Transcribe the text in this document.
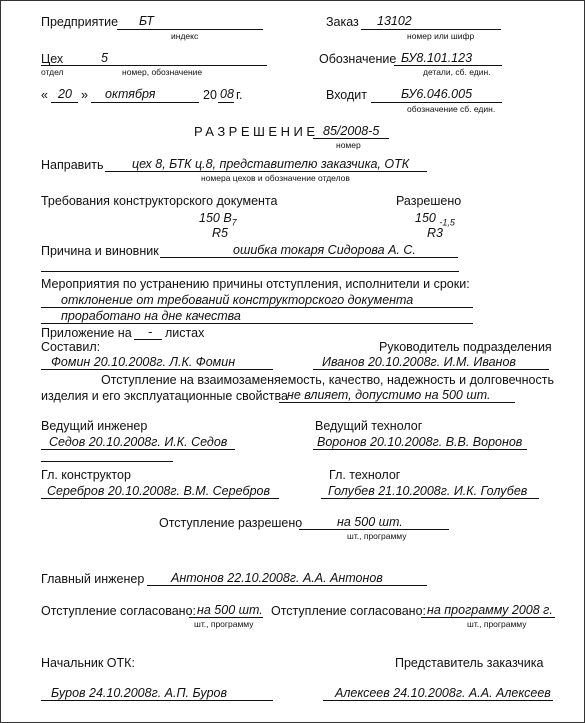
Предприятие БТ
индекс
Заказ 13102
номер или шифр
Цех	5
отдел	номер, обозначение
Обозначение БУ8.101.123
детали, сб. един.
« 20 » октября	20 08 г.	Входит	БУ6.046.005
обозначение сб. един.
РАЗРЕШЕНИЕ 85/2008-5
номер
Направить цех 8, БТК ц.8, представителю заказчика, ОТК
номера цехов и обозначение отделов
Требования конструкторского документа	Разрешено
150 $В_7$	150 $_{-1,5}$
R5	R3
Причина и виновник	ошибка токаря Сидорова А. С.
Мероприятия по устранению причины отступления, исполнители и сроки:
отклонение от требований конструкторского документа
проработано на дне качества
Приложение на - листах
Составил:	Руководитель подразделения
Фомин 20.10.2008г. Л.К. Фомин	Иванов 20.10.2008г. И.М. Иванов
Отступление на взаимозаменяемость, качество, надежность и долговечность
изделия и его эксплуатационные свойства не влияет, допустимо на 500 шт.
Ведущий инженер	Ведущий технолог
Седов 20.10.2008г. И.К. Седов	Воронов 20.10.2008г. В.В. Воронов
Гл. конструктор	Гл. технолог
Серебров 20.10.2008г. В.М. Серебров	Голубев 21.10.2008г. И.К. Голубев
Отступление разрешено	на 500 шт.
шт., программу
Главный инженер Антонов 22.10.2008г. А.А. Антонов
Отступление согласовано: на 500 шт.
шт., программу
Отступление согласовано: на программу 2008 г.
шт., программу
Начальник ОТК:	Представитель заказчика
Буров 24.10.2008г. А.П. Буров	Алексеев 24.10.2008г. А.А. Алексеев
